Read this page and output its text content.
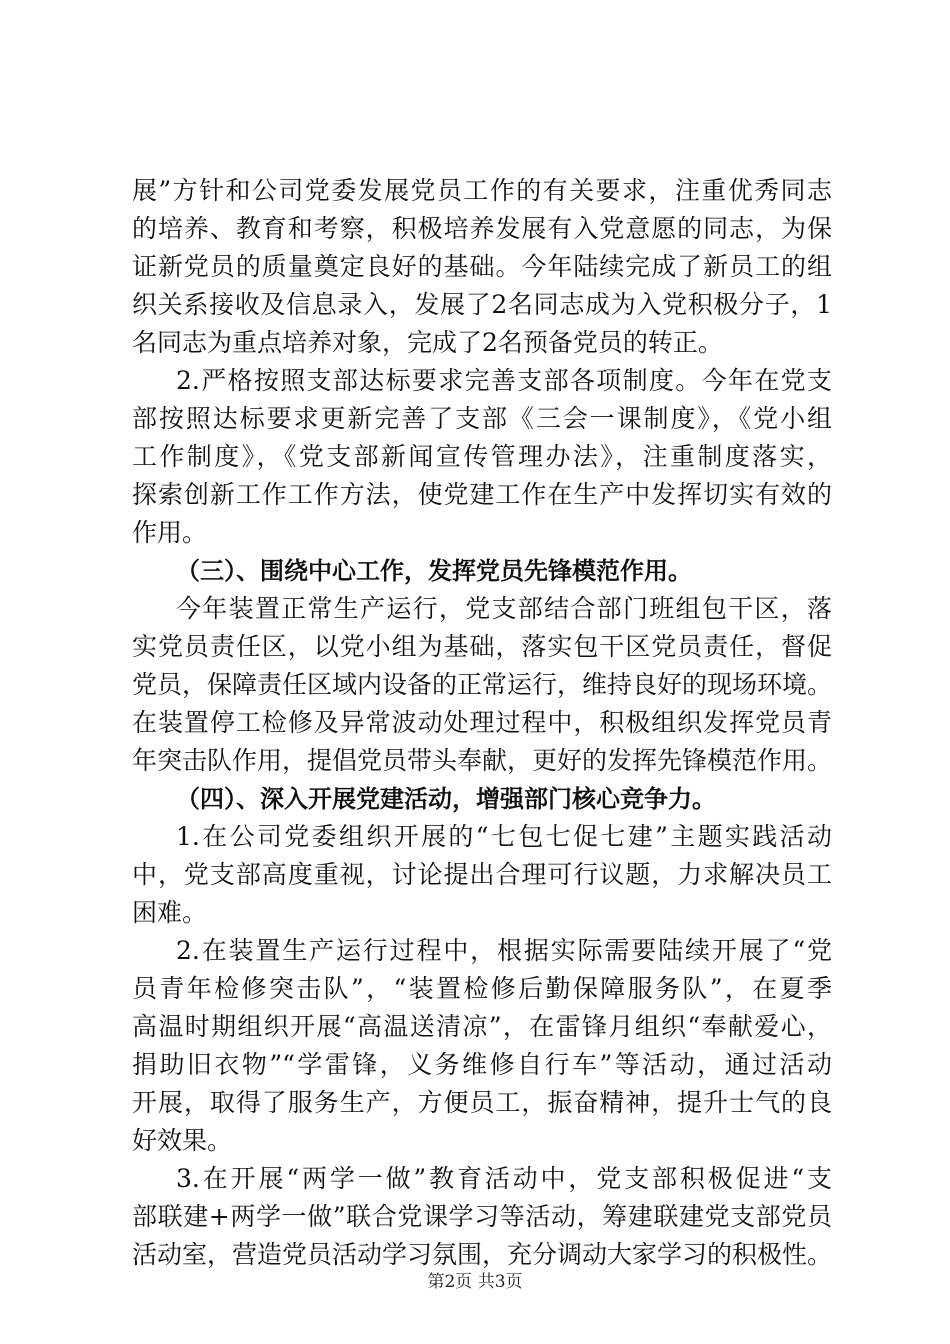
展”方针和公司党委发展党员工作的有关要求，注重优秀同志
的培养、教育和考察，积极培养发展有入党意愿的同志，为保
证新党员的质量奠定良好的基础。今年陆续完成了新员工的组
织关系接收及信息录入，发展了2名同志成为入党积极分子，1
名同志为重点培养对象，完成了2名预备党员的转正。
2.严格按照支部达标要求完善支部各项制度。今年在党支
部按照达标要求更新完善了支部《三会一课制度》，《党小组
工作制度》，《党支部新闻宣传管理办法》，注重制度落实，
探索创新工作工作方法，使党建工作在生产中发挥切实有效的
作用。
（三）、围绕中心工作，发挥党员先锋模范作用。
今年装置正常生产运行，党支部结合部门班组包干区，落
实党员责任区，以党小组为基础，落实包干区党员责任，督促
党员，保障责任区域内设备的正常运行，维持良好的现场环境。
在装置停工检修及异常波动处理过程中，积极组织发挥党员青
年突击队作用，提倡党员带头奉献，更好的发挥先锋模范作用。
（四）、深入开展党建活动，增强部门核心竞争力。
1.在公司党委组织开展的“七包七促七建”主题实践活动
中，党支部高度重视，讨论提出合理可行议题，力求解决员工
困难。
2.在装置生产运行过程中，根据实际需要陆续开展了“党
员青年检修突击队”，“装置检修后勤保障服务队”，在夏季
高温时期组织开展“高温送清凉”，在雷锋月组织“奉献爱心，
捐助旧衣物”“学雷锋，义务维修自行车”等活动，通过活动
开展，取得了服务生产，方便员工，振奋精神，提升士气的良
好效果。
3.在开展“两学一做”教育活动中，党支部积极促进“支
部联建+两学一做”联合党课学习等活动，筹建联建党支部党员
活动室，营造党员活动学习氛围，充分调动大家学习的积极性。
第2页 共3页
